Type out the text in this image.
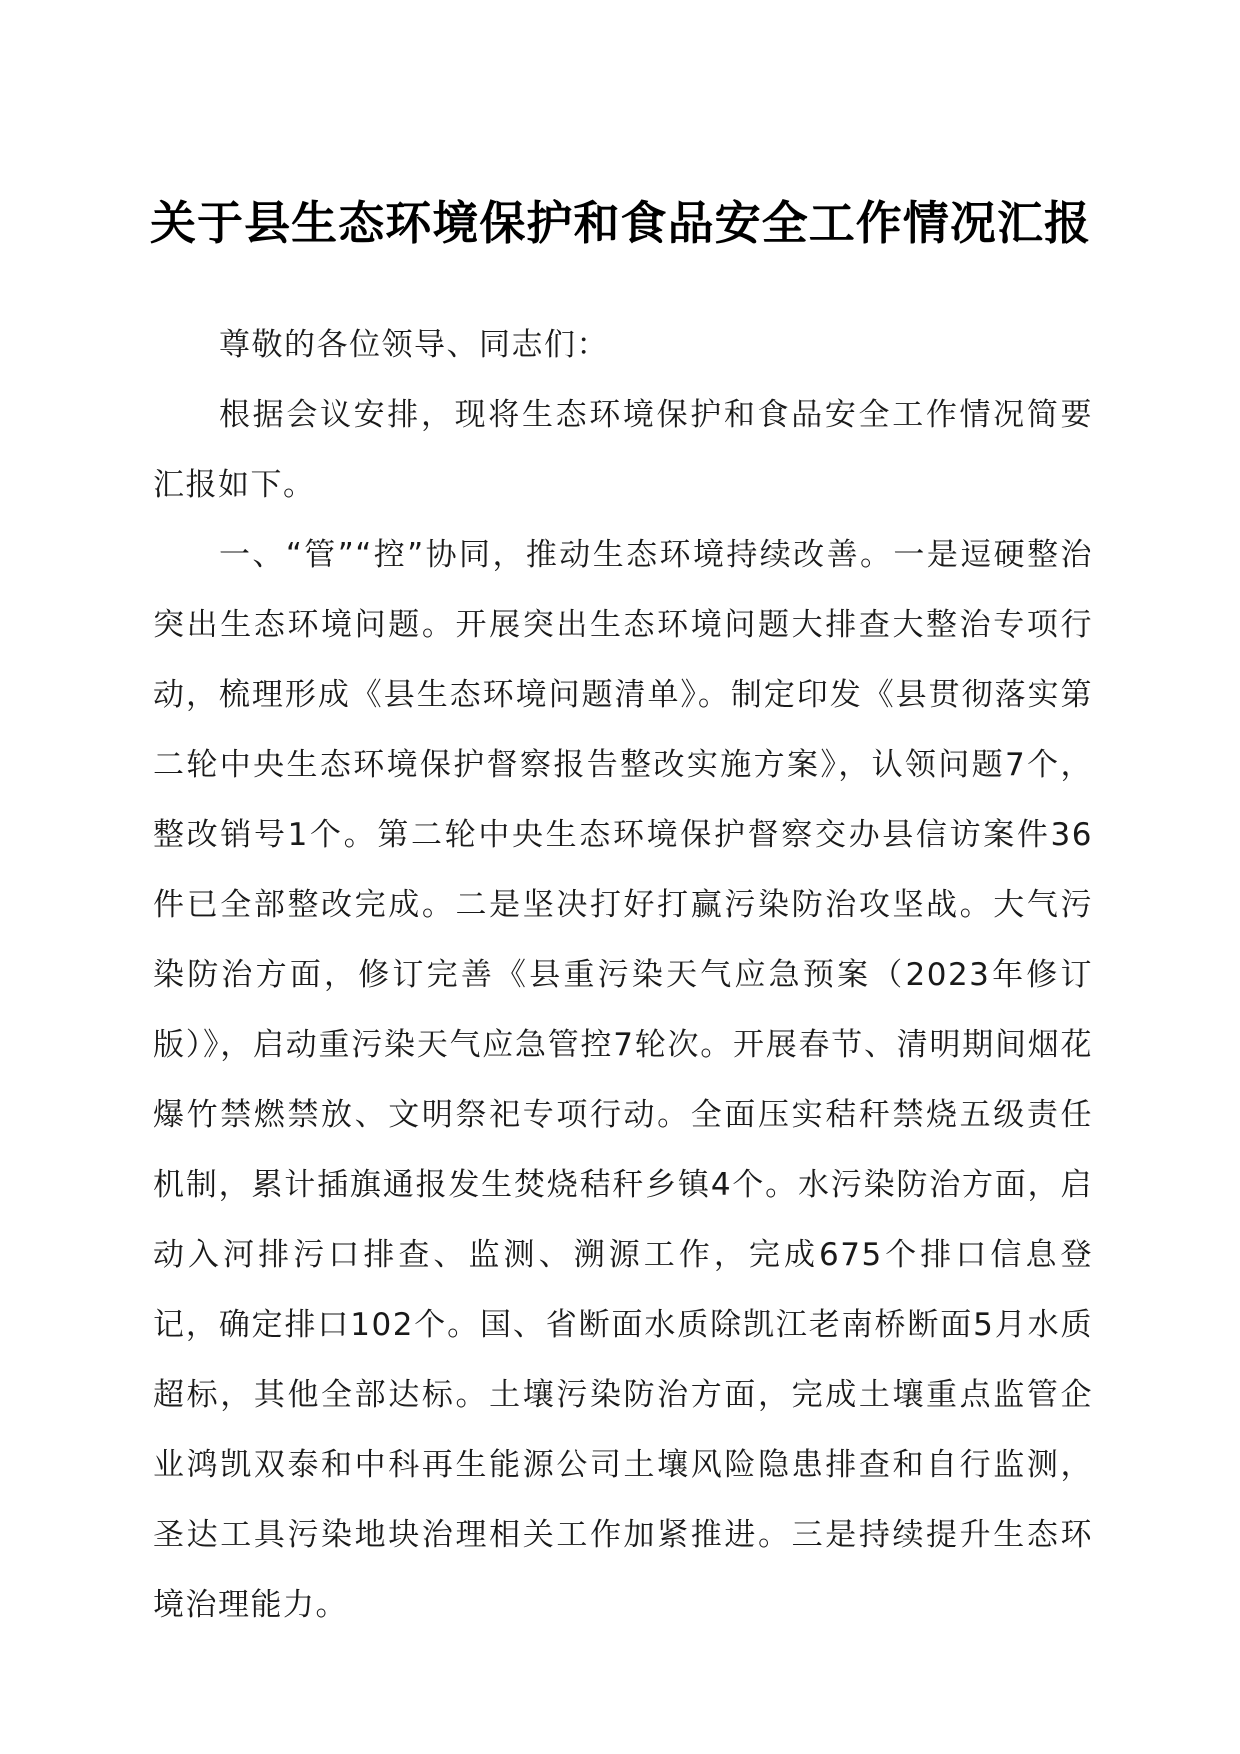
关于县生态环境保护和食品安全工作情况汇报

尊敬的各位领导、同志们：

根据会议安排，现将生态环境保护和食品安全工作情况简要汇报如下。

一、“管”“控”协同，推动生态环境持续改善。一是逗硬整治突出生态环境问题。开展突出生态环境问题大排查大整治专项行动，梳理形成《县生态环境问题清单》。制定印发《县贯彻落实第二轮中央生态环境保护督察报告整改实施方案》，认领问题7个，整改销号1个。第二轮中央生态环境保护督察交办县信访案件36件已全部整改完成。二是坚决打好打赢污染防治攻坚战。大气污染防治方面，修订完善《县重污染天气应急预案（2023年修订版）》，启动重污染天气应急管控7轮次。开展春节、清明期间烟花爆竹禁燃禁放、文明祭祀专项行动。全面压实秸秆禁烧五级责任机制，累计插旗通报发生焚烧秸秆乡镇4个。水污染防治方面，启动入河排污口排查、监测、溯源工作，完成675个排口信息登记，确定排口102个。国、省断面水质除凯江老南桥断面5月水质超标，其他全部达标。土壤污染防治方面，完成土壤重点监管企业鸿凯双泰和中科再生能源公司土壤风险隐患排查和自行监测，圣达工具污染地块治理相关工作加紧推进。三是持续提升生态环境治理能力。
